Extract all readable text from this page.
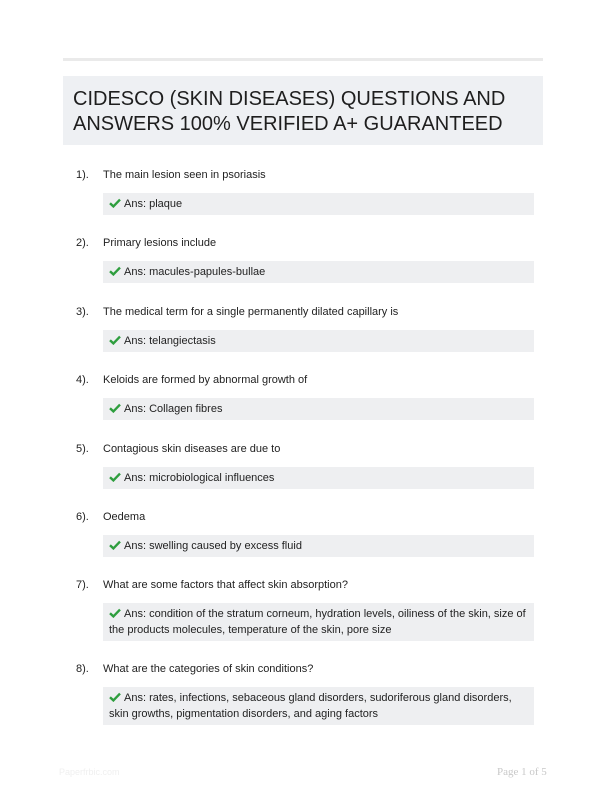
CIDESCO (SKIN DISEASES) QUESTIONS AND
ANSWERS 100% VERIFIED A+ GUARANTEED
1). The main lesion seen in psoriasis
Ans: plaque
2). Primary lesions include
Ans: macules-papules-bullae
3). The medical term for a single permanently dilated capillary is
Ans: telangiectasis
4). Keloids are formed by abnormal growth of
Ans: Collagen fibres
5). Contagious skin diseases are due to
Ans: microbiological influences
6). Oedema
Ans: swelling caused by excess fluid
7). What are some factors that affect skin absorption?
Ans: condition of the stratum corneum, hydration levels, oiliness of the skin, size of the products molecules, temperature of the skin, pore size
8). What are the categories of skin conditions?
Ans: rates, infections, sebaceous gland disorders, sudoriferous gland disorders, skin growths, pigmentation disorders, and aging factors
Paperfrbic.com	Page 1 of 5
